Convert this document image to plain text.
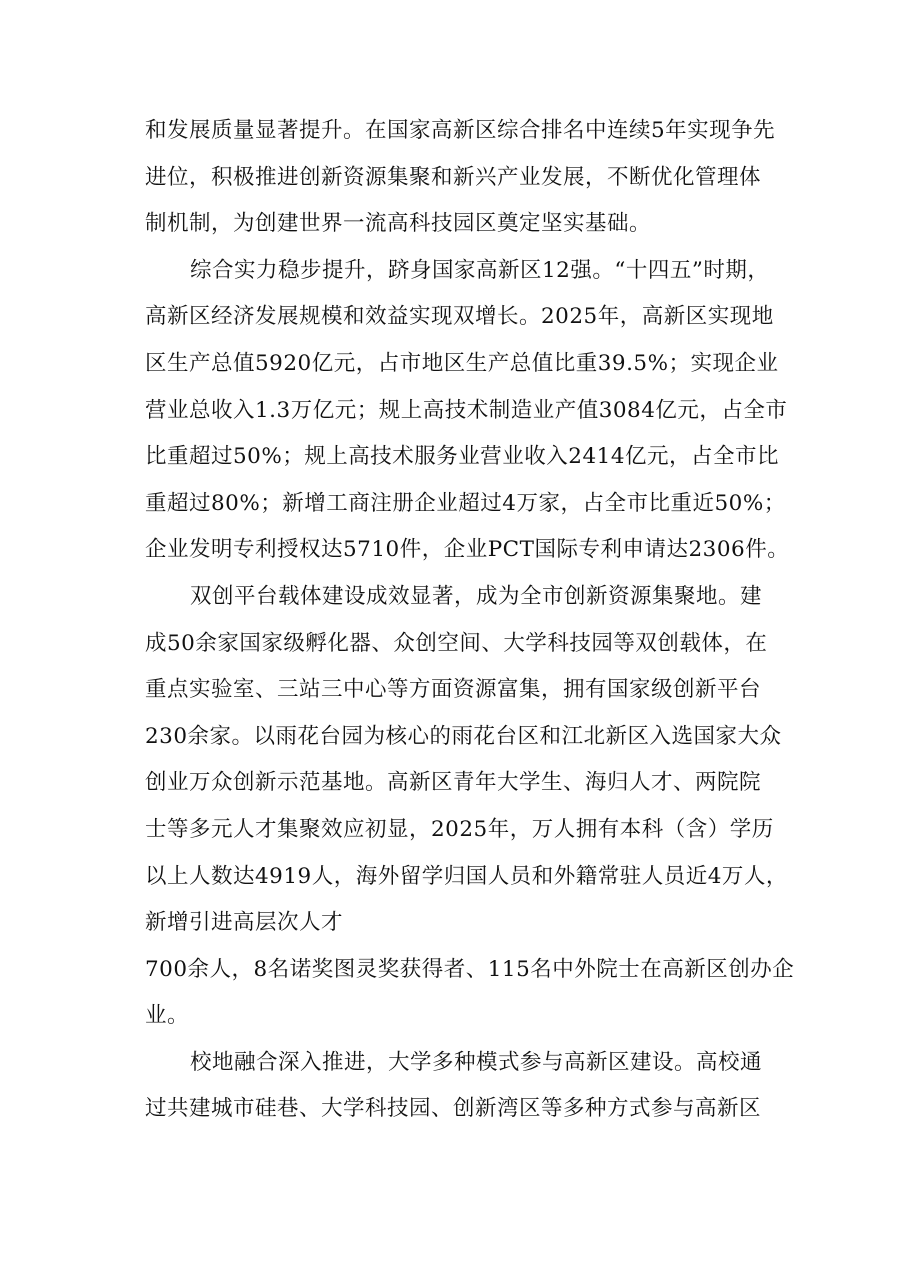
和发展质量显著提升。在国家高新区综合排名中连续5年实现争先
进位，积极推进创新资源集聚和新兴产业发展，不断优化管理体
制机制，为创建世界一流高科技园区奠定坚实基础。
综合实力稳步提升，跻身国家高新区12强。“十四五”时期，
高新区经济发展规模和效益实现双增长。2025年，高新区实现地
区生产总值5920亿元，占市地区生产总值比重39.5%；实现企业
营业总收入1.3万亿元；规上高技术制造业产值3084亿元，占全市
比重超过50%；规上高技术服务业营业收入2414亿元，占全市比
重超过80%；新增工商注册企业超过4万家，占全市比重近50%；
企业发明专利授权达5710件，企业PCT国际专利申请达2306件。
双创平台载体建设成效显著，成为全市创新资源集聚地。建
成50余家国家级孵化器、众创空间、大学科技园等双创载体，在
重点实验室、三站三中心等方面资源富集，拥有国家级创新平台
230余家。以雨花台园为核心的雨花台区和江北新区入选国家大众
创业万众创新示范基地。高新区青年大学生、海归人才、两院院
士等多元人才集聚效应初显，2025年，万人拥有本科（含）学历
以上人数达4919人，海外留学归国人员和外籍常驻人员近4万人，
新增引进高层次人才
700余人，8名诺奖图灵奖获得者、115名中外院士在高新区创办企
业。
校地融合深入推进，大学多种模式参与高新区建设。高校通
过共建城市硅巷、大学科技园、创新湾区等多种方式参与高新区
